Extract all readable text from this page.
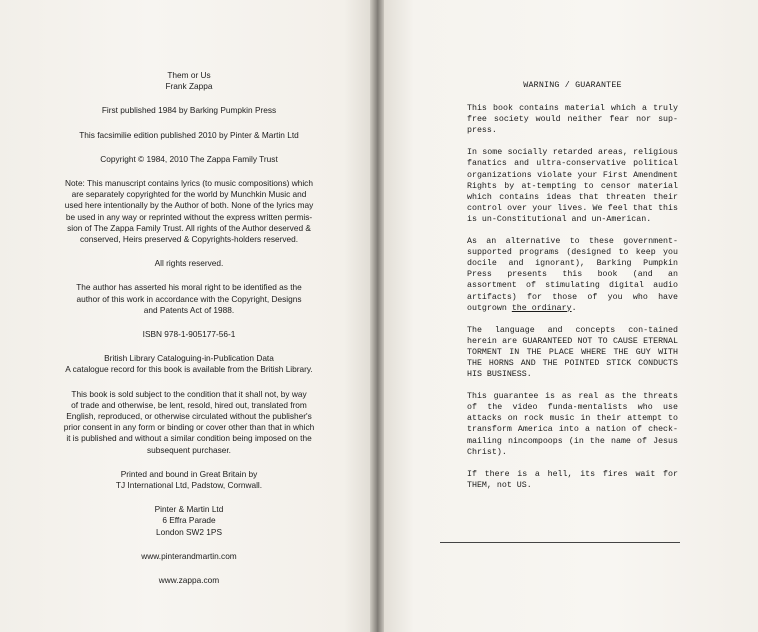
Them or Us
Frank Zappa

First published 1984 by Barking Pumpkin Press

This facsimilie edition published 2010 by Pinter & Martin Ltd

Copyright © 1984, 2010 The Zappa Family Trust

Note: This manuscript contains lyrics (to music compositions) which
are separately copyrighted for the world by Munchkin Music and
used here intentionally by the Author of both. None of the lyrics may
be used in any way or reprinted without the express written permis-
sion of The Zappa Family Trust. All rights of the Author deserved &
conserved, Heirs preserved & Copyrights-holders reserved.

All rights reserved.

The author has asserted his moral right to be identified as the
author of this work in accordance with the Copyright, Designs
and Patents Act of 1988.

ISBN 978-1-905177-56-1

British Library Cataloguing-in-Publication Data
A catalogue record for this book is available from the British Library.

This book is sold subject to the condition that it shall not, by way
of trade and otherwise, be lent, resold, hired out, translated from
English, reproduced, or otherwise circulated without the publisher's
prior consent in any form or binding or cover other than that in which
it is published and without a similar condition being imposed on the
subsequent purchaser.

Printed and bound in Great Britain by
TJ International Ltd, Padstow, Cornwall.

Pinter & Martin Ltd
6 Effra Parade
London SW2 1PS

www.pinterandmartin.com

www.zappa.com

WARNING / GUARANTEE

This book contains material which a truly free society would neither fear nor sup-press.

In some socially retarded areas, religious fanatics and ultra-conservative political organizations violate your First Amendment Rights by at-tempting to censor material which contains ideas that threaten their control over your lives. We feel that this is un-Constitutional and un-American.

As an alternative to these government-supported programs (designed to keep you docile and ignorant), Barking Pumpkin Press presents this book (and an assortment of stimulating digital audio artifacts) for those of you who have outgrown the ordinary.

The language and concepts con-tained herein are GUARANTEED NOT TO CAUSE ETERNAL TORMENT IN THE PLACE WHERE THE GUY WITH THE HORNS AND THE POINTED STICK CONDUCTS HIS BUSINESS.

This guarantee is as real as the threats of the video funda-mentalists who use attacks on rock music in their attempt to transform America into a nation of check-mailing nincompoops (in the name of Jesus Christ).

If there is a hell, its fires wait for THEM, not US.
